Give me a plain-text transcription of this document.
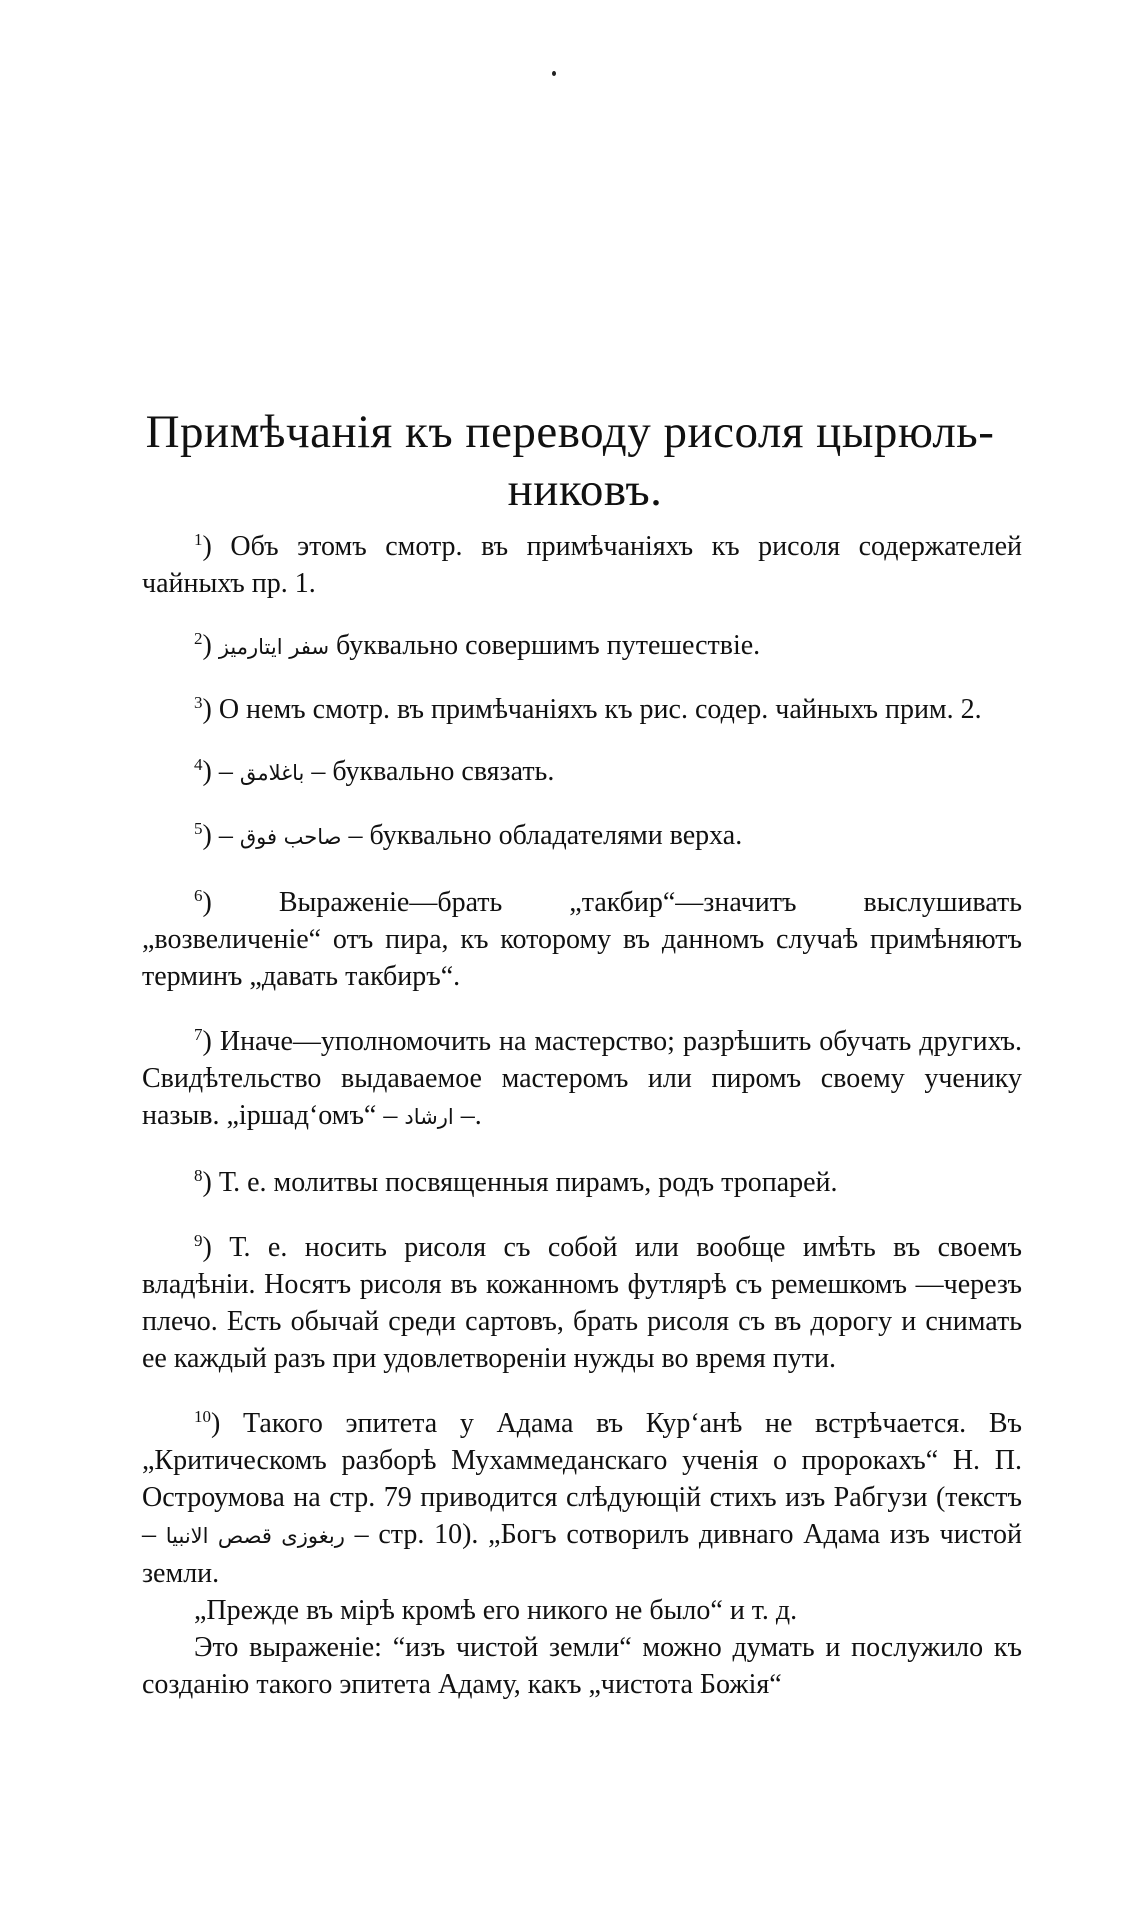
Примѣчанія къ переводу рисоля цырюль-

никовъ.

$^1$) Объ этомъ смотр. въ примѣчаніяхъ къ рисоля содержателей чайныхъ пр. 1.

$^2$) سفر ايتارميز буквально совершимъ путешествіе.

$^3$) О немъ смотр. въ примѣчаніяхъ къ рис. содер. чайныхъ прим. 2.

$^4$) – باغلامق – буквально связать.

$^5$) – صاحب فوق – буквально обладателями верха.

$^6$) Выраженіе—брать „такбир“—значитъ выслушивать „возвеличеніе“ отъ пира, къ которому въ данномъ случаѣ примѣняютъ терминъ „давать такбиръ“.

$^7$) Иначе—уполномочить на мастерство; разрѣшить обучать другихъ. Свидѣтельство выдаваемое мастеромъ или пиромъ своему ученику назыв. „іршад‘омъ“ – ارشاد –.

$^8$) Т. е. молитвы посвященныя пирамъ, родъ тропарей.

$^9$) Т. е. носить рисоля съ собой или вообще имѣть въ своемъ владѣніи. Носятъ рисоля въ кожанномъ футлярѣ съ ремешкомъ —черезъ плечо. Есть обычай среди сартовъ, брать рисоля съ въ дорогу и снимать ее каждый разъ при удовлетвореніи нужды во время пути.

$^{10}$) Такого эпитета у Адама въ Кур‘анѣ не встрѣчается. Въ „Критическомъ разборѣ Мухаммеданскаго ученія о пророкахъ“ Н. П. Остроумова на стр. 79 приводится слѣдующій стихъ изъ Рабгузи (текстъ – ربغوزى قصص الانبيا – стр. 10). „Богъ сотворилъ дивнаго Адама изъ чистой земли.

„Прежде въ мірѣ кромѣ его никого не было“ и т. д.

Это выраженіе: “изъ чистой земли“ можно думать и послужило къ созданію такого эпитета Адаму, какъ „чистота Божія“
